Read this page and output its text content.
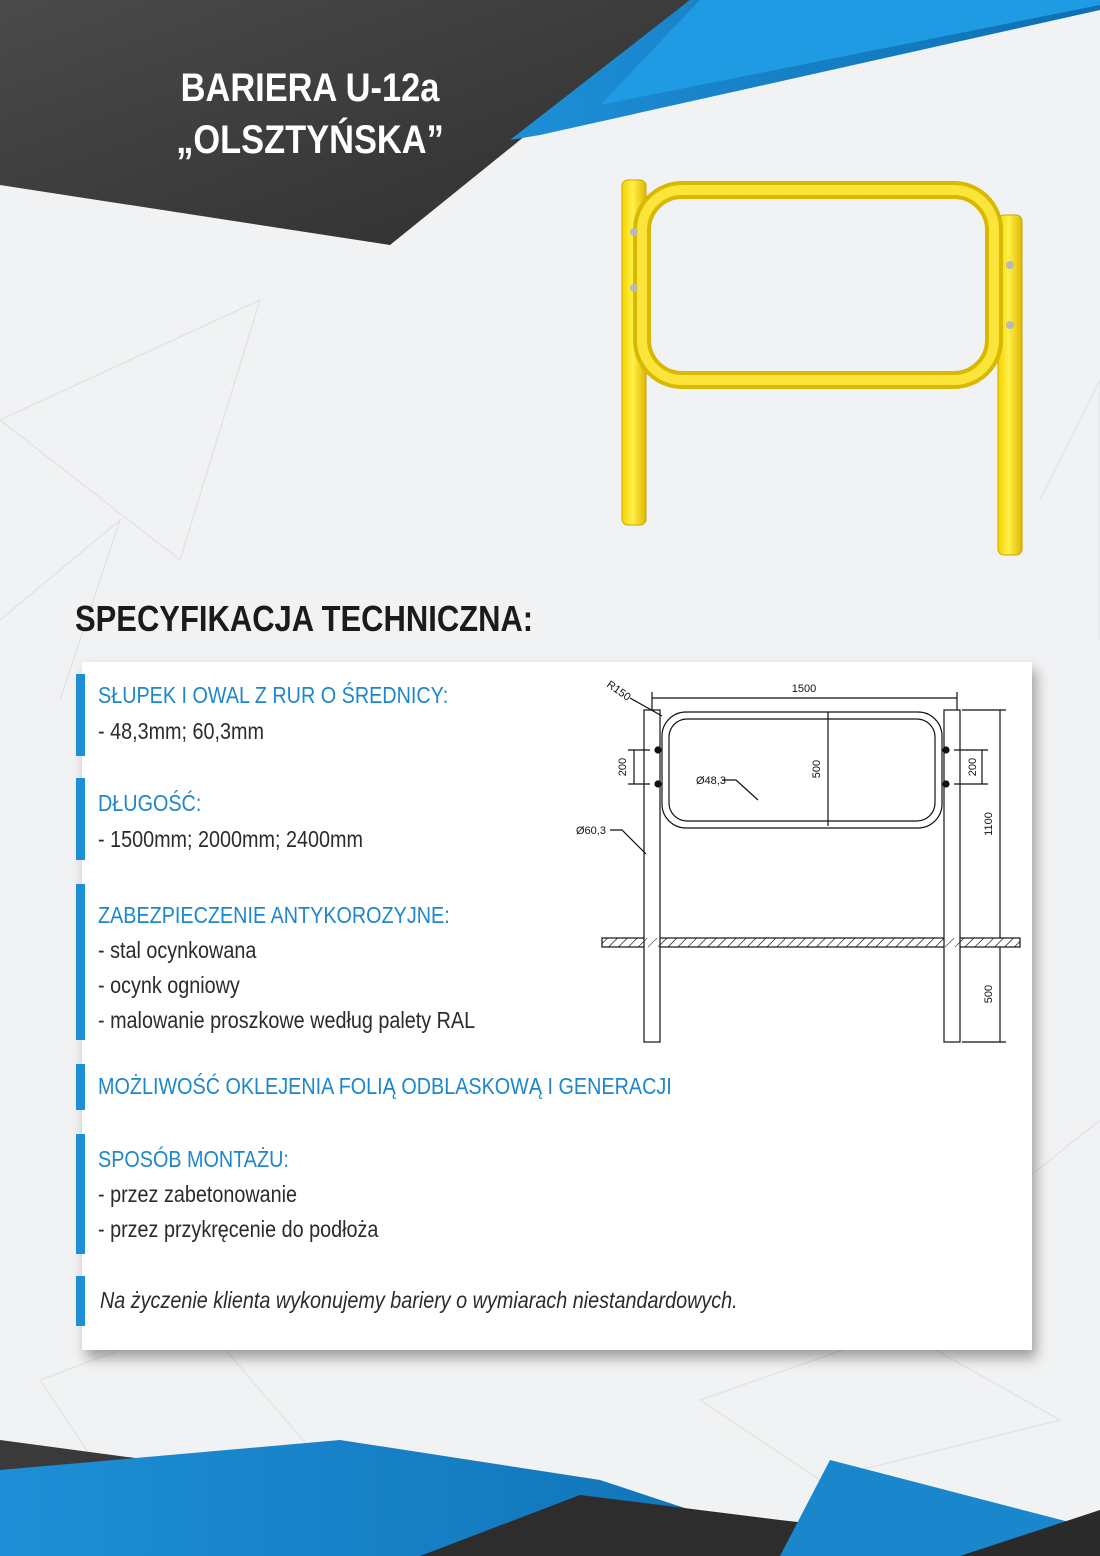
BARIERA U-12a
„OLSZTYŃSKA”
SPECYFIKACJA TECHNICZNA:
SŁUPEK I OWAL Z RUR O ŚREDNICY:
- 48,3mm; 60,3mm
DŁUGOŚĆ:
- 1500mm; 2000mm; 2400mm
ZABEZPIECZENIE ANTYKOROZYJNE:
- stal ocynkowana
- ocynk ogniowy
- malowanie proszkowe według palety RAL
MOŻLIWOŚĆ OKLEJENIA FOLIĄ ODBLASKOWĄ I GENERACJI
SPOSÓB MONTAŻU:
- przez zabetonowanie
- przez przykręcenie do podłoża
Na życzenie klienta wykonujemy bariery o wymiarach niestandardowych.
1500
R150
200	200
500
Ø48,3
Ø60,3	1100
500
